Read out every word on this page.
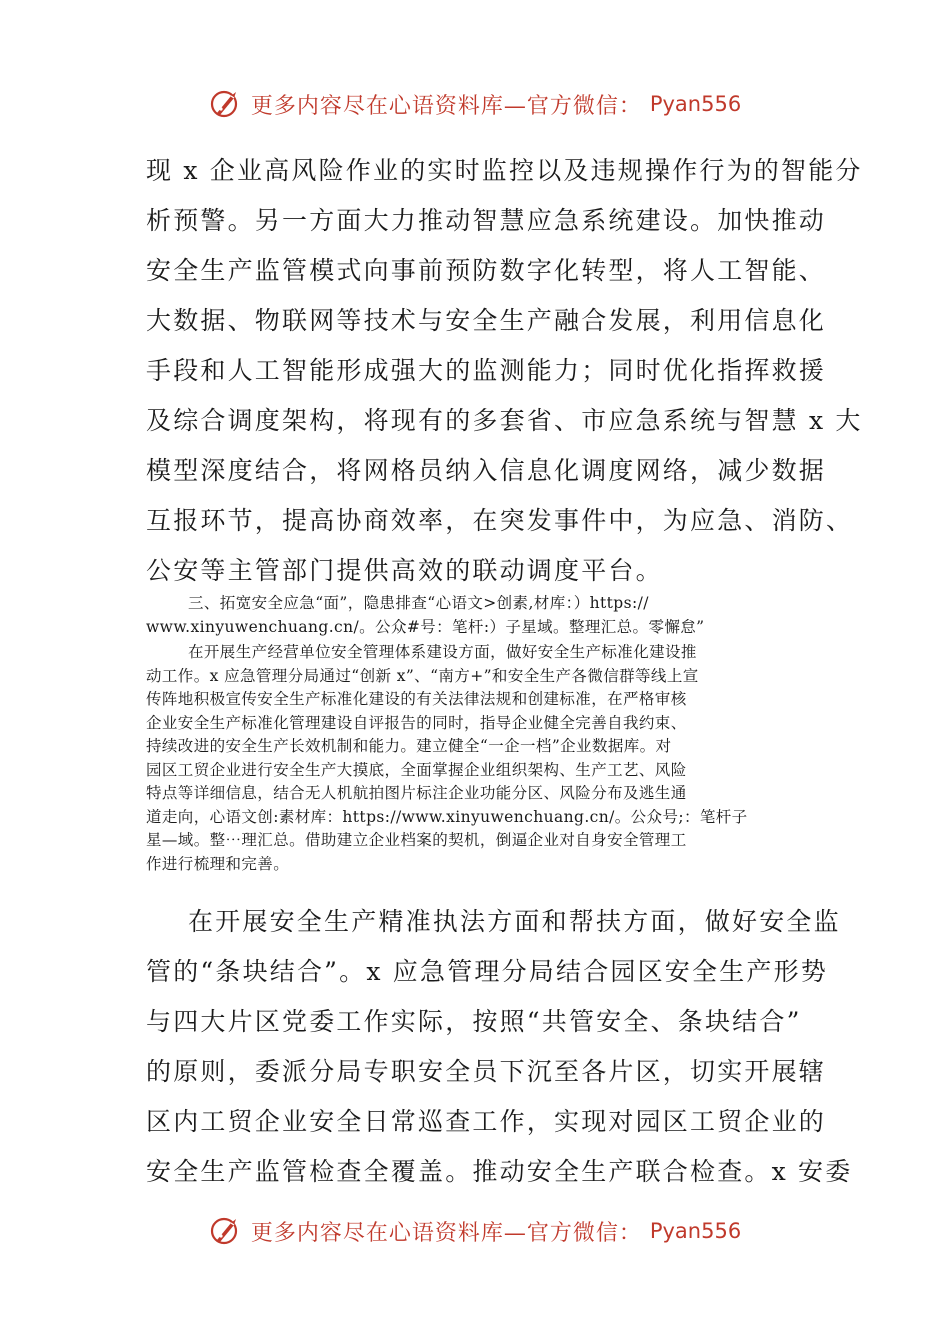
更多内容尽在心语资料库—官方微信： Pyan556
现 x 企业高风险作业的实时监控以及违规操作行为的智能分
析预警。另一方面大力推动智慧应急系统建设。加快推动
安全生产监管模式向事前预防数字化转型，将人工智能、
大数据、物联网等技术与安全生产融合发展，利用信息化
手段和人工智能形成强大的监测能力；同时优化指挥救援
及综合调度架构，将现有的多套省、市应急系统与智慧 x 大
模型深度结合，将网格员纳入信息化调度网络，减少数据
互报环节，提高协商效率，在突发事件中，为应急、消防、
公安等主管部门提供高效的联动调度平台。
三、拓宽安全应急“面”，隐患排查“心语文>创素,材库：）https://
www.xinyuwenchuang.cn/。公众#号：笔杆:）子星域。整理汇总。零懈怠”
在开展生产经营单位安全管理体系建设方面，做好安全生产标准化建设推
动工作。x 应急管理分局通过“创新 x”、“南方+”和安全生产各微信群等线上宣
传阵地积极宣传安全生产标准化建设的有关法律法规和创建标准，在严格审核
企业安全生产标准化管理建设自评报告的同时，指导企业健全完善自我约束、
持续改进的安全生产长效机制和能力。建立健全“一企一档”企业数据库。对
园区工贸企业进行安全生产大摸底，全面掌握企业组织架构、生产工艺、风险
特点等详细信息，结合无人机航拍图片标注企业功能分区、风险分布及逃生通
道走向，心语文创:素材库：https://www.xinyuwenchuang.cn/。公众号;：笔杆子
星—域。整⋯理汇总。借助建立企业档案的契机，倒逼企业对自身安全管理工
作进行梳理和完善。
在开展安全生产精准执法方面和帮扶方面，做好安全监
管的“条块结合”。x 应急管理分局结合园区安全生产形势
与四大片区党委工作实际，按照“共管安全、条块结合”
的原则，委派分局专职安全员下沉至各片区，切实开展辖
区内工贸企业安全日常巡查工作，实现对园区工贸企业的
安全生产监管检查全覆盖。推动安全生产联合检查。x 安委
更多内容尽在心语资料库—官方微信： Pyan556
